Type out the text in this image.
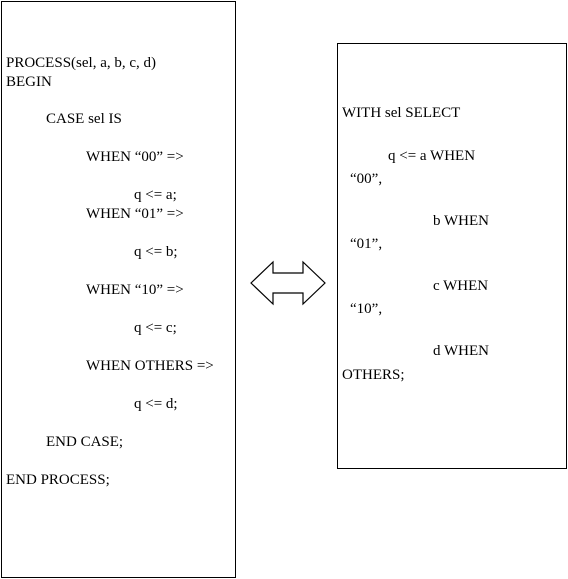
PROCESS(sel, a, b, c, d)
BEGIN
CASE sel IS
WHEN “00” =>
q <= a;
WHEN “01” =>
q <= b;
WHEN “10” =>
q <= c;
WHEN OTHERS =>
q <= d;
END CASE;
END PROCESS;
WITH sel SELECT
q <= a WHEN
“00”,
b WHEN
“01”,
c WHEN
“10”,
d WHEN
OTHERS;
